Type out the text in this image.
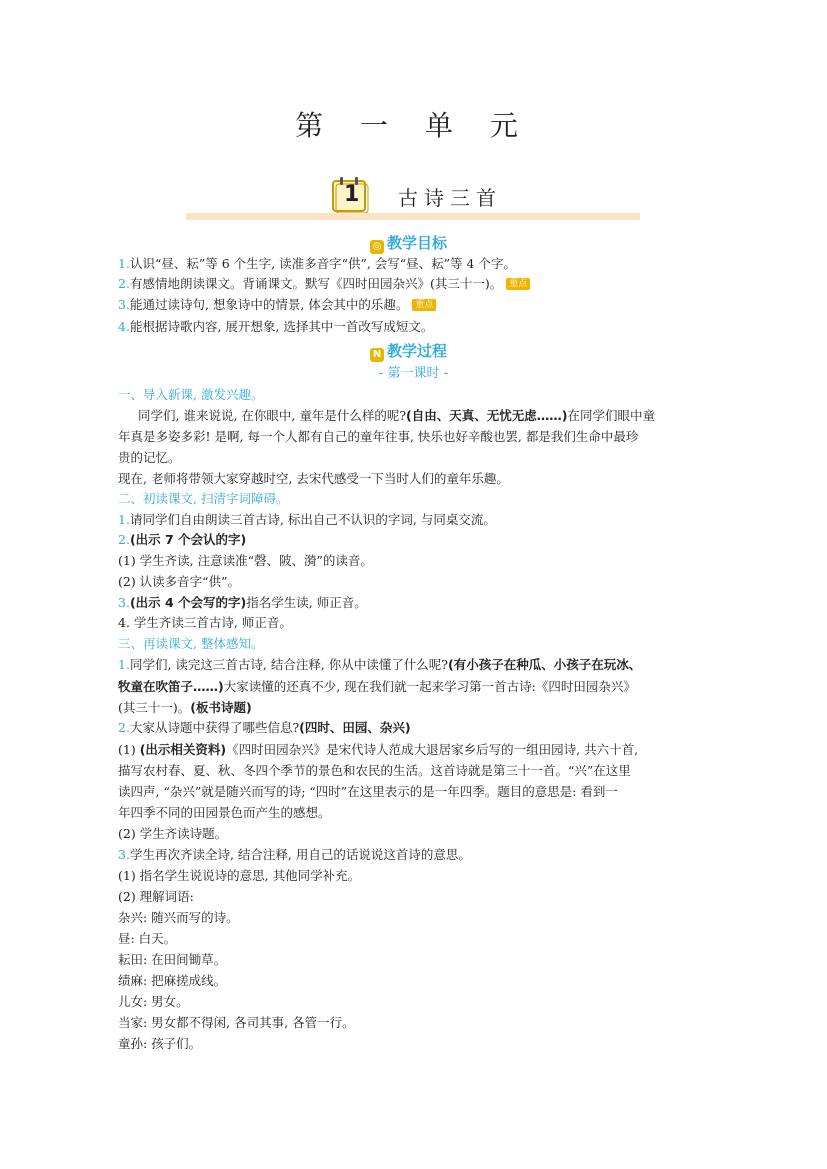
第 一 单 元
1 古诗三首
◎ 教学目标
1.认识“昼、耘”等 6 个生字, 读准多音字“供”, 会写“昼、耘”等 4 个字。
2.有感情地朗读课文。背诵课文。默写《四时田园杂兴》(其三十一)。 重点
3.能通过读诗句, 想象诗中的情景, 体会其中的乐趣。 重点
4.能根据诗歌内容, 展开想象, 选择其中一首改写成短文。
N 教学过程
- 第一课时 -
一、导入新课, 激发兴趣。
同学们, 谁来说说, 在你眼中, 童年是什么样的呢?(自由、天真、无忧无虑……)在同学们眼中童
年真是多姿多彩! 是啊, 每一个人都有自己的童年往事, 快乐也好辛酸也罢, 都是我们生命中最珍
贵的记忆。
现在, 老师将带领大家穿越时空, 去宋代感受一下当时人们的童年乐趣。
二、初读课文, 扫清字词障碍。
1.请同学们自由朗读三首古诗, 标出自己不认识的字词, 与同桌交流。
2.(出示 7 个会认的字)
(1) 学生齐读, 注意读准“磬、陂、漪”的读音。
(2) 认读多音字“供”。
3.(出示 4 个会写的字)指名学生读, 师正音。
4. 学生齐读三首古诗, 师正音。
三、再读课文, 整体感知。
1.同学们, 读完这三首古诗, 结合注释, 你从中读懂了什么呢?(有小孩子在种瓜、小孩子在玩冰、
牧童在吹笛子……)大家读懂的还真不少, 现在我们就一起来学习第一首古诗:《四时田园杂兴》
(其三十一)。(板书诗题)
2.大家从诗题中获得了哪些信息?(四时、田园、杂兴)
(1) (出示相关资料)《四时田园杂兴》是宋代诗人范成大退居家乡后写的一组田园诗, 共六十首,
描写农村春、夏、秋、冬四个季节的景色和农民的生活。这首诗就是第三十一首。“兴”在这里
读四声, “杂兴”就是随兴而写的诗; “四时”在这里表示的是一年四季。题目的意思是: 看到一
年四季不同的田园景色而产生的感想。
(2) 学生齐读诗题。
3.学生再次齐读全诗, 结合注释, 用自己的话说说这首诗的意思。
(1) 指名学生说说诗的意思, 其他同学补充。
(2) 理解词语:
杂兴: 随兴而写的诗。
昼: 白天。
耘田: 在田间锄草。
绩麻: 把麻搓成线。
儿女: 男女。
当家: 男女都不得闲, 各司其事, 各管一行。
童孙: 孩子们。
